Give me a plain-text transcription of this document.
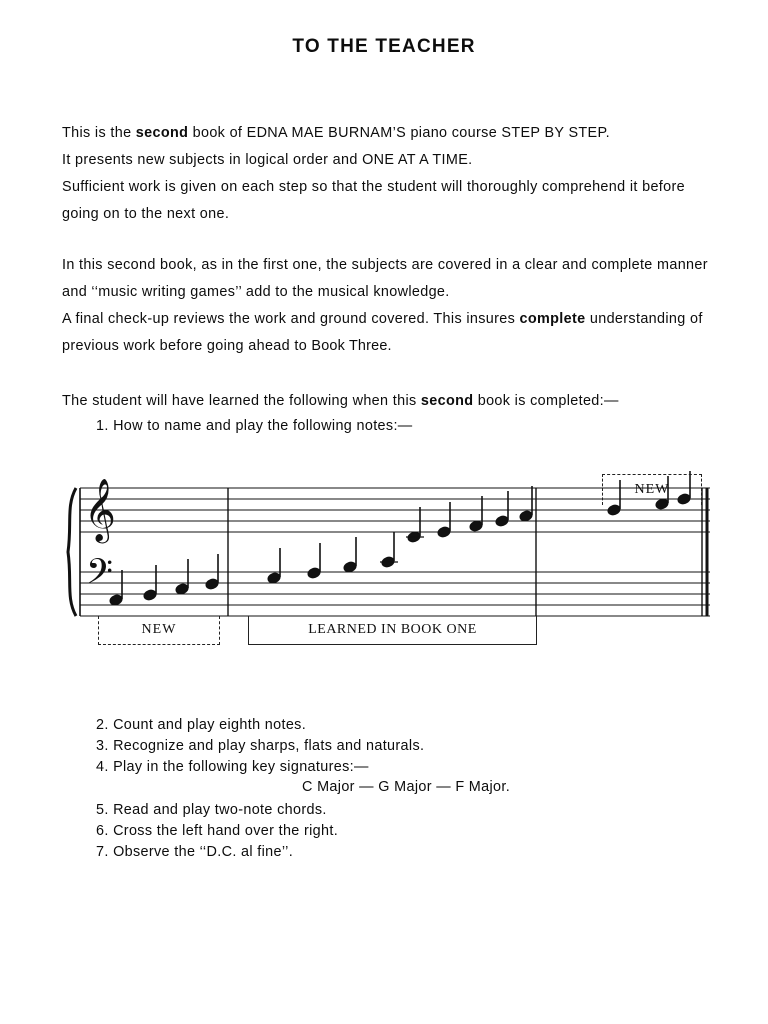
TO THE TEACHER

This is the second book of EDNA MAE BURNAM’S piano course STEP BY STEP.

It presents new subjects in logical order and ONE AT A TIME.

Sufficient work is given on each step so that the student will thoroughly comprehend it before

going on to the next one.

In this second book, as in the first one, the subjects are covered in a clear and complete manner

and ‘‘music writing games’’ add to the musical knowledge.

A final check-up reviews the work and ground covered. This insures complete understanding of

previous work before going ahead to Book Three.

The student will have learned the following when this second book is completed:—

1. How to name and play the following notes:—
𝄞
𝄢
NEW
NEW	LEARNED IN BOOK ONE
2. Count and play eighth notes.
3. Recognize and play sharps, flats and naturals.
4. Play in the following key signatures:—
C Major — G Major — F Major.
5. Read and play two-note chords.
6. Cross the left hand over the right.
7. Observe the ‘‘D.C. al fine’’.
